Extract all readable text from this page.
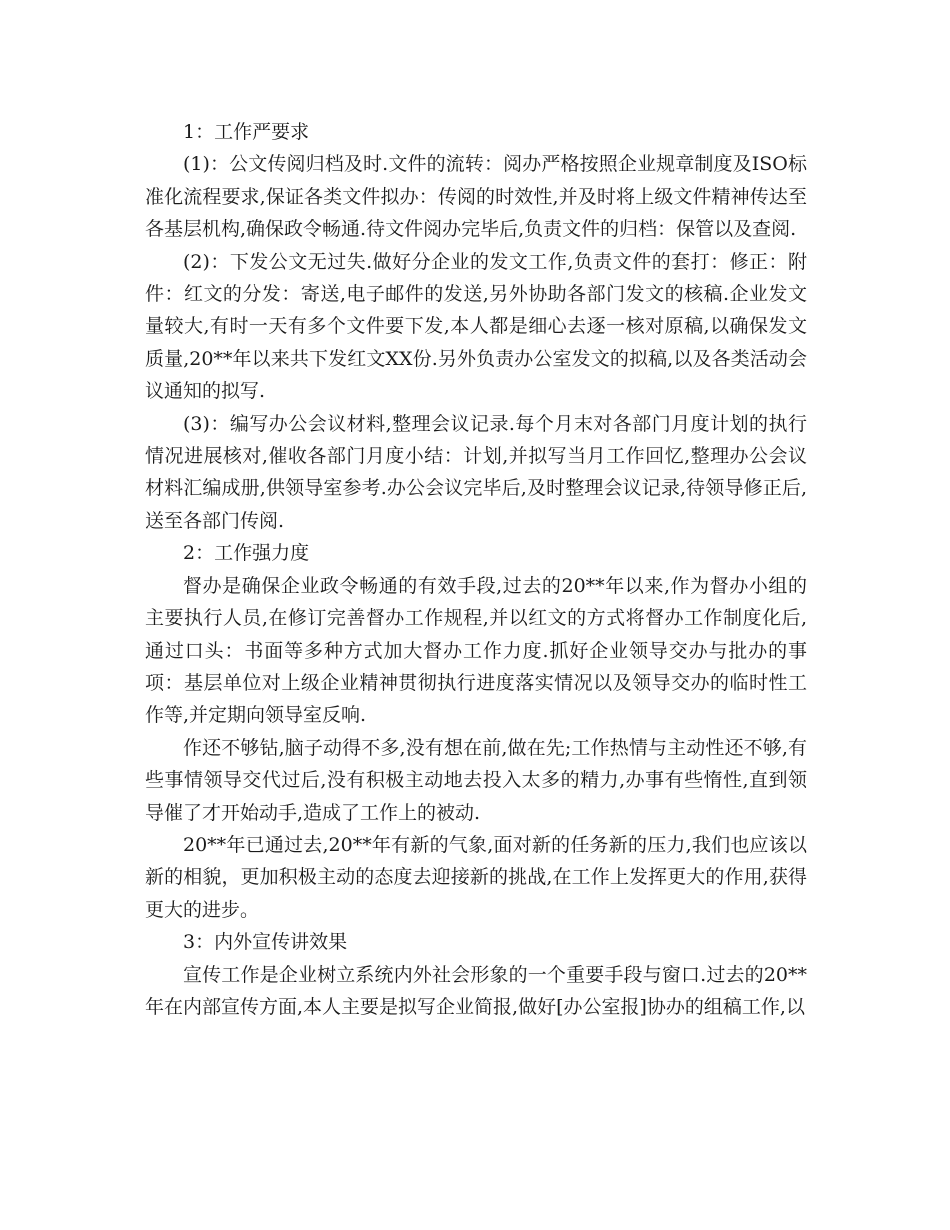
1：工作严要求

(1)：公文传阅归档及时.文件的流转：阅办严格按照企业规章制度及ISO标准化流程要求,保证各类文件拟办：传阅的时效性,并及时将上级文件精神传达至各基层机构,确保政令畅通.待文件阅办完毕后,负责文件的归档：保管以及查阅.

(2)：下发公文无过失.做好分企业的发文工作,负责文件的套打：修正：附件：红文的分发：寄送,电子邮件的发送,另外协助各部门发文的核稿.企业发文量较大,有时一天有多个文件要下发,本人都是细心去逐一核对原稿,以确保发文质量,20**年以来共下发红文XX份.另外负责办公室发文的拟稿,以及各类活动会议通知的拟写.

(3)：编写办公会议材料,整理会议记录.每个月末对各部门月度计划的执行情况进展核对,催收各部门月度小结：计划,并拟写当月工作回忆,整理办公会议材料汇编成册,供领导室参考.办公会议完毕后,及时整理会议记录,待领导修正后,送至各部门传阅.

2：工作强力度

督办是确保企业政令畅通的有效手段,过去的20**年以来,作为督办小组的主要执行人员,在修订完善督办工作规程,并以红文的方式将督办工作制度化后,通过口头：书面等多种方式加大督办工作力度.抓好企业领导交办与批办的事项：基层单位对上级企业精神贯彻执行进度落实情况以及领导交办的临时性工作等,并定期向领导室反响.

作还不够钻,脑子动得不多,没有想在前,做在先;工作热情与主动性还不够,有些事情领导交代过后,没有积极主动地去投入太多的精力,办事有些惰性,直到领导催了才开始动手,造成了工作上的被动.

20**年已通过去,20**年有新的气象,面对新的任务新的压力,我们也应该以新的相貌，更加积极主动的态度去迎接新的挑战,在工作上发挥更大的作用,获得更大的进步。

3：内外宣传讲效果

宣传工作是企业树立系统内外社会形象的一个重要手段与窗口.过去的20**年在内部宣传方面,本人主要是拟写企业简报,做好[办公室报]协办的组稿工作,以
